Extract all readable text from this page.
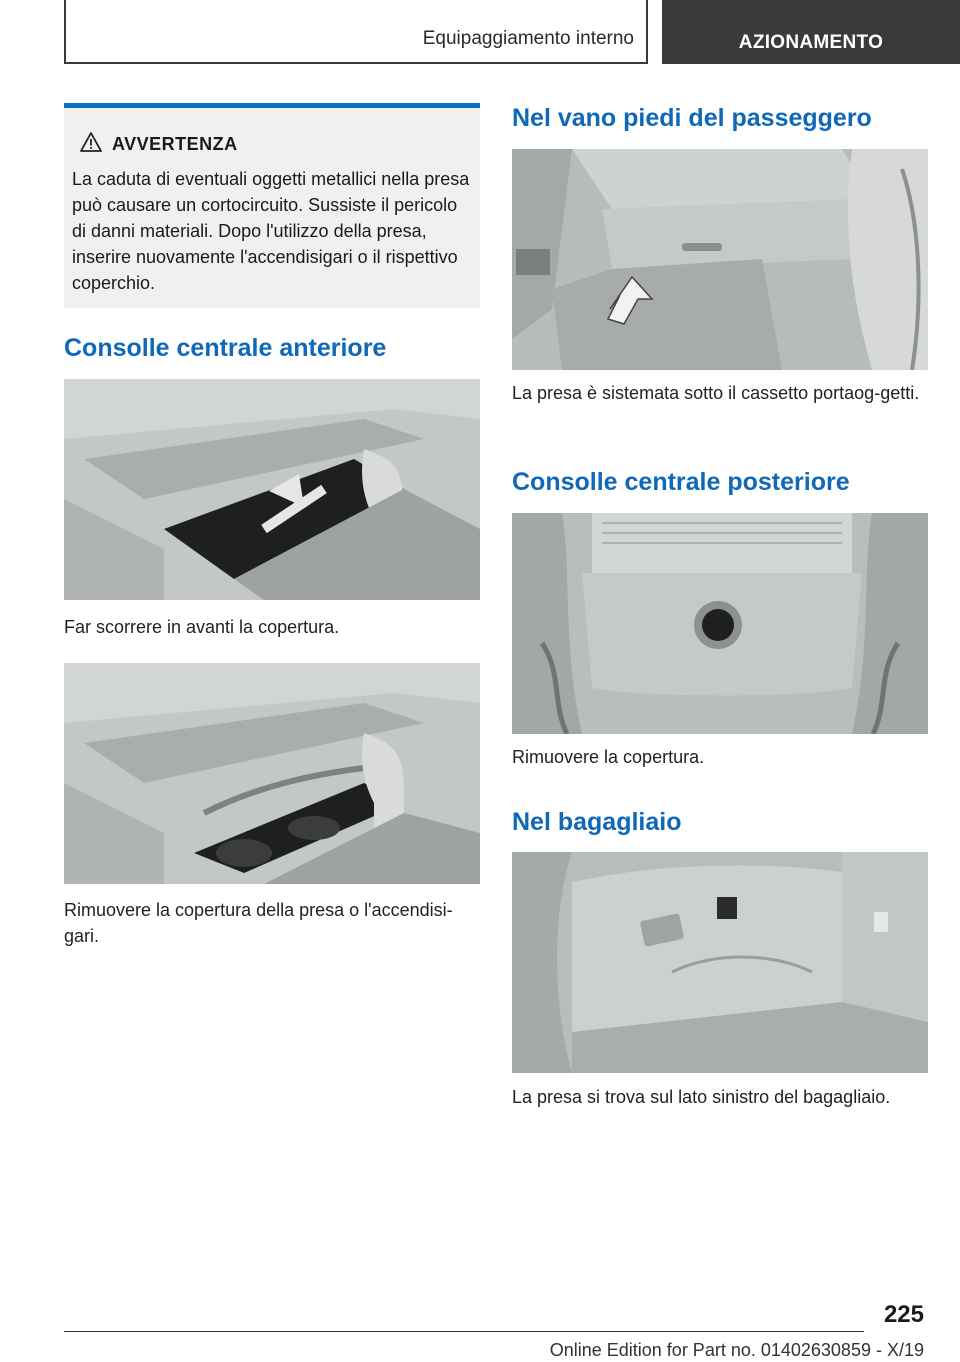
Equipaggiamento interno	AZIONAMENTO
AVVERTENZA
La caduta di eventuali oggetti metallici nella presa può causare un cortocircuito. Sussiste il pericolo di danni materiali. Dopo l'utilizzo della presa, inserire nuovamente l'accendisigari o il rispettivo coperchio.
Consolle centrale anteriore
Far scorrere in avanti la copertura.
Rimuovere la copertura della presa o l'accendisi‐gari.
Nel vano piedi del passeggero
La presa è sistemata sotto il cassetto portaog‐getti.
Consolle centrale posteriore
Rimuovere la copertura.
Nel bagagliaio
La presa si trova sul lato sinistro del bagagliaio.
225
Online Edition for Part no. 01402630859 - X/19
